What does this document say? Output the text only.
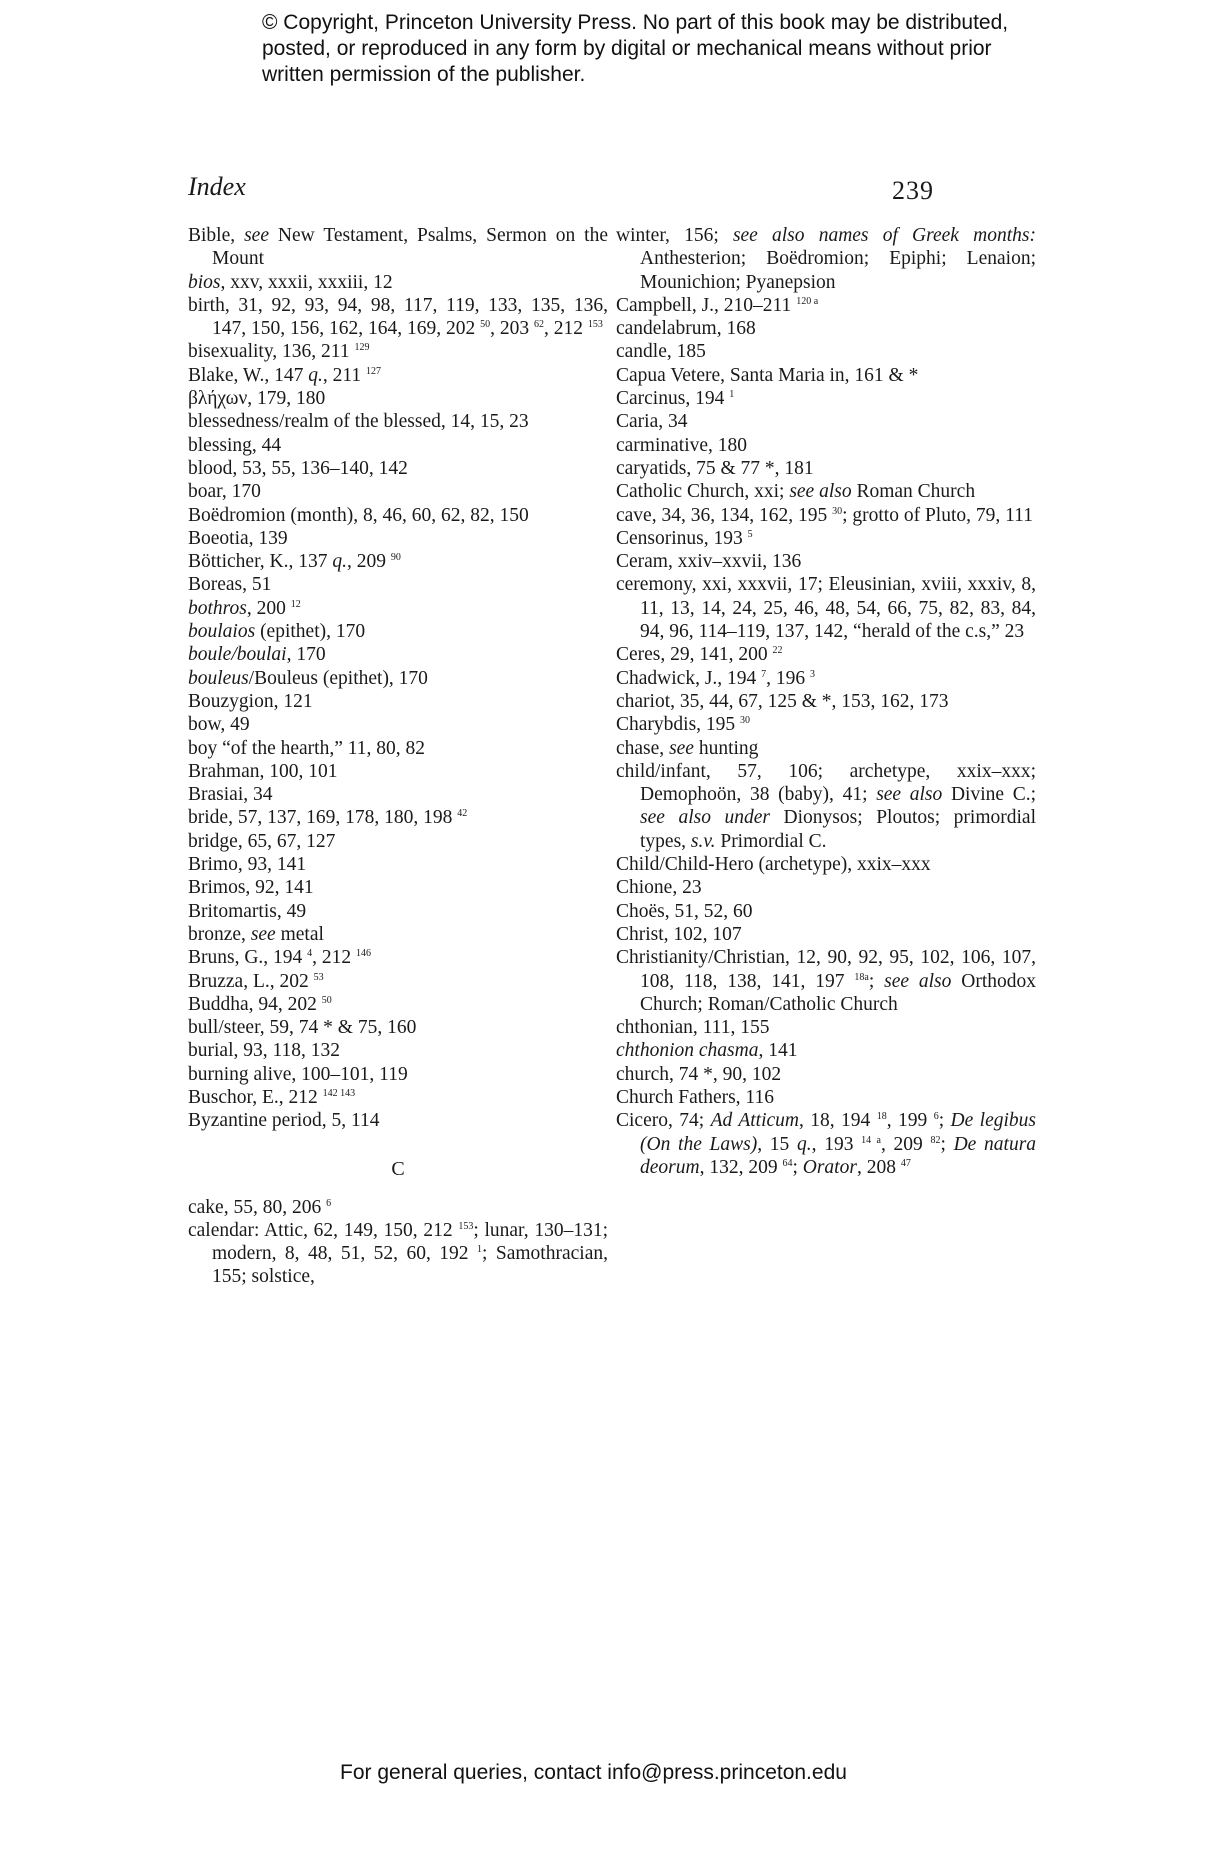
© Copyright, Princeton University Press. No part of this book may be distributed, posted, or reproduced in any form by digital or mechanical means without prior written permission of the publisher.
Index	239
Bible, see New Testament, Psalms, Sermon on the Mount
bios, xxv, xxxii, xxxiii, 12
birth, 31, 92, 93, 94, 98, 117, 119, 133, 135, 136, 147, 150, 156, 162, 164, 169, 202 $^{50}$, 203 $^{62}$, 212 $^{153}$
bisexuality, 136, 211 $^{129}$
Blake, W., 147 q., 211 $^{127}$
βλήχων, 179, 180
blessedness/realm of the blessed, 14, 15, 23
blessing, 44
blood, 53, 55, 136–140, 142
boar, 170
Boëdromion (month), 8, 46, 60, 62, 82, 150
Boeotia, 139
Bötticher, K., 137 q., 209 $^{90}$
Boreas, 51
bothros, 200 $^{12}$
boulaios (epithet), 170
boule/boulai, 170
bouleus/Bouleus (epithet), 170
Bouzygion, 121
bow, 49
boy “of the hearth,” 11, 80, 82
Brahman, 100, 101
Brasiai, 34
bride, 57, 137, 169, 178, 180, 198 $^{42}$
bridge, 65, 67, 127
Brimo, 93, 141
Brimos, 92, 141
Britomartis, 49
bronze, see metal
Bruns, G., 194 $^4$, 212 $^{146}$
Bruzza, L., 202 $^{53}$
Buddha, 94, 202 $^{50}$
bull/steer, 59, 74 * & 75, 160
burial, 93, 118, 132
burning alive, 100–101, 119
Buschor, E., 212 $^{142 143}$
Byzantine period, 5, 114
C
cake, 55, 80, 206 $^6$
calendar: Attic, 62, 149, 150, 212 $^{153}$; lunar, 130–131; modern, 8, 48, 51, 52, 60, 192 $^1$; Samothracian, 155; solstice,
winter, 156; see also names of Greek months: Anthesterion; Boëdromion; Epiphi; Lenaion; Mounichion; Pyanepsion
Campbell, J., 210–211 $^{120 a}$
candelabrum, 168
candle, 185
Capua Vetere, Santa Maria in, 161 & *
Carcinus, 194 $^1$
Caria, 34
carminative, 180
caryatids, 75 & 77 *, 181
Catholic Church, xxi; see also Roman Church
cave, 34, 36, 134, 162, 195 $^{30}$; grotto of Pluto, 79, 111
Censorinus, 193 $^5$
Ceram, xxiv–xxvii, 136
ceremony, xxi, xxxvii, 17; Eleusinian, xviii, xxxiv, 8, 11, 13, 14, 24, 25, 46, 48, 54, 66, 75, 82, 83, 84, 94, 96, 114–119, 137, 142, “herald of the c.s,” 23
Ceres, 29, 141, 200 $^{22}$
Chadwick, J., 194 $^7$, 196 $^3$
chariot, 35, 44, 67, 125 & *, 153, 162, 173
Charybdis, 195 $^{30}$
chase, see hunting
child/infant, 57, 106; archetype, xxix–xxx; Demophoön, 38 (baby), 41; see also Divine C.; see also under Dionysos; Ploutos; primordial types, s.v. Primordial C.
Child/Child-Hero (archetype), xxix–xxx
Chione, 23
Choës, 51, 52, 60
Christ, 102, 107
Christianity/Christian, 12, 90, 92, 95, 102, 106, 107, 108, 118, 138, 141, 197 $^{18a}$; see also Orthodox Church; Roman/Catholic Church
chthonian, 111, 155
chthonion chasma, 141
church, 74 *, 90, 102
Church Fathers, 116
Cicero, 74; Ad Atticum, 18, 194 $^{18}$, 199 $^6$; De legibus (On the Laws), 15 q., 193 $^{14 a}$, 209 $^{82}$; De natura deorum, 132, 209 $^{64}$; Orator, 208 $^{47}$
For general queries, contact info@press.princeton.edu
